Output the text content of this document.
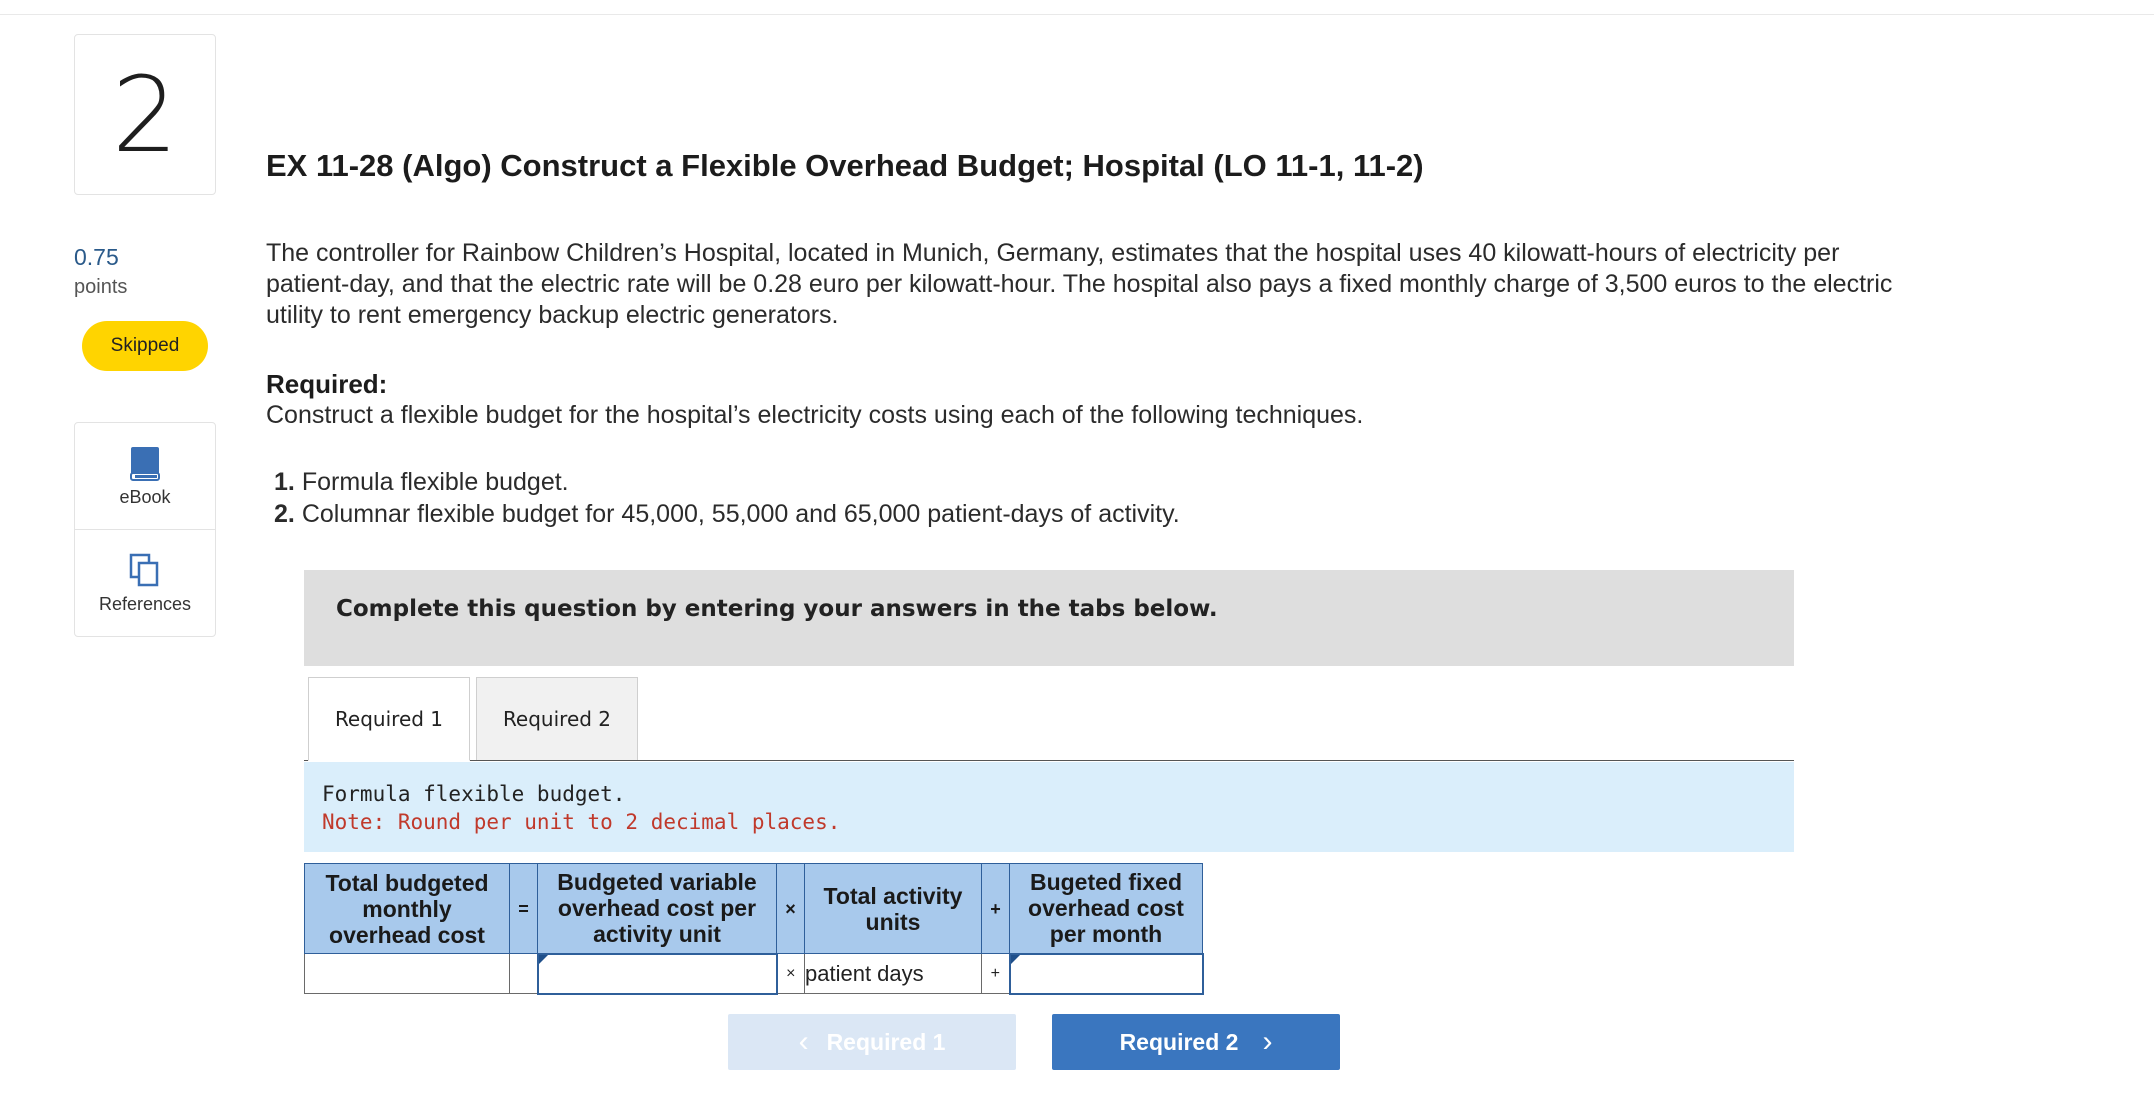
2
0.75
points
Skipped
eBook
References
EX 11-28 (Algo) Construct a Flexible Overhead Budget; Hospital (LO 11-1, 11-2)

The controller for Rainbow Children’s Hospital, located in Munich, Germany, estimates that the hospital uses 40 kilowatt-hours of electricity per patient-day, and that the electric rate will be 0.28 euro per kilowatt-hour. The hospital also pays a fixed monthly charge of 3,500 euros to the electric utility to rent emergency backup electric generators.

Required:
Construct a flexible budget for the hospital’s electricity costs using each of the following techniques.
1. Formula flexible budget.
2. Columnar flexible budget for 45,000, 55,000 and 65,000 patient-days of activity.
Complete this question by entering your answers in the tabs below.
Required 1	Required 2
Formula flexible budget.
Note: Round per unit to 2 decimal places.
Total budgeted monthly overhead cost	=	Budgeted variable overhead cost per activity unit	×	Total activity units	+	Bugeted fixed overhead cost per month
			×	patient days	+	
‹ Required 1	Required 2 ›
